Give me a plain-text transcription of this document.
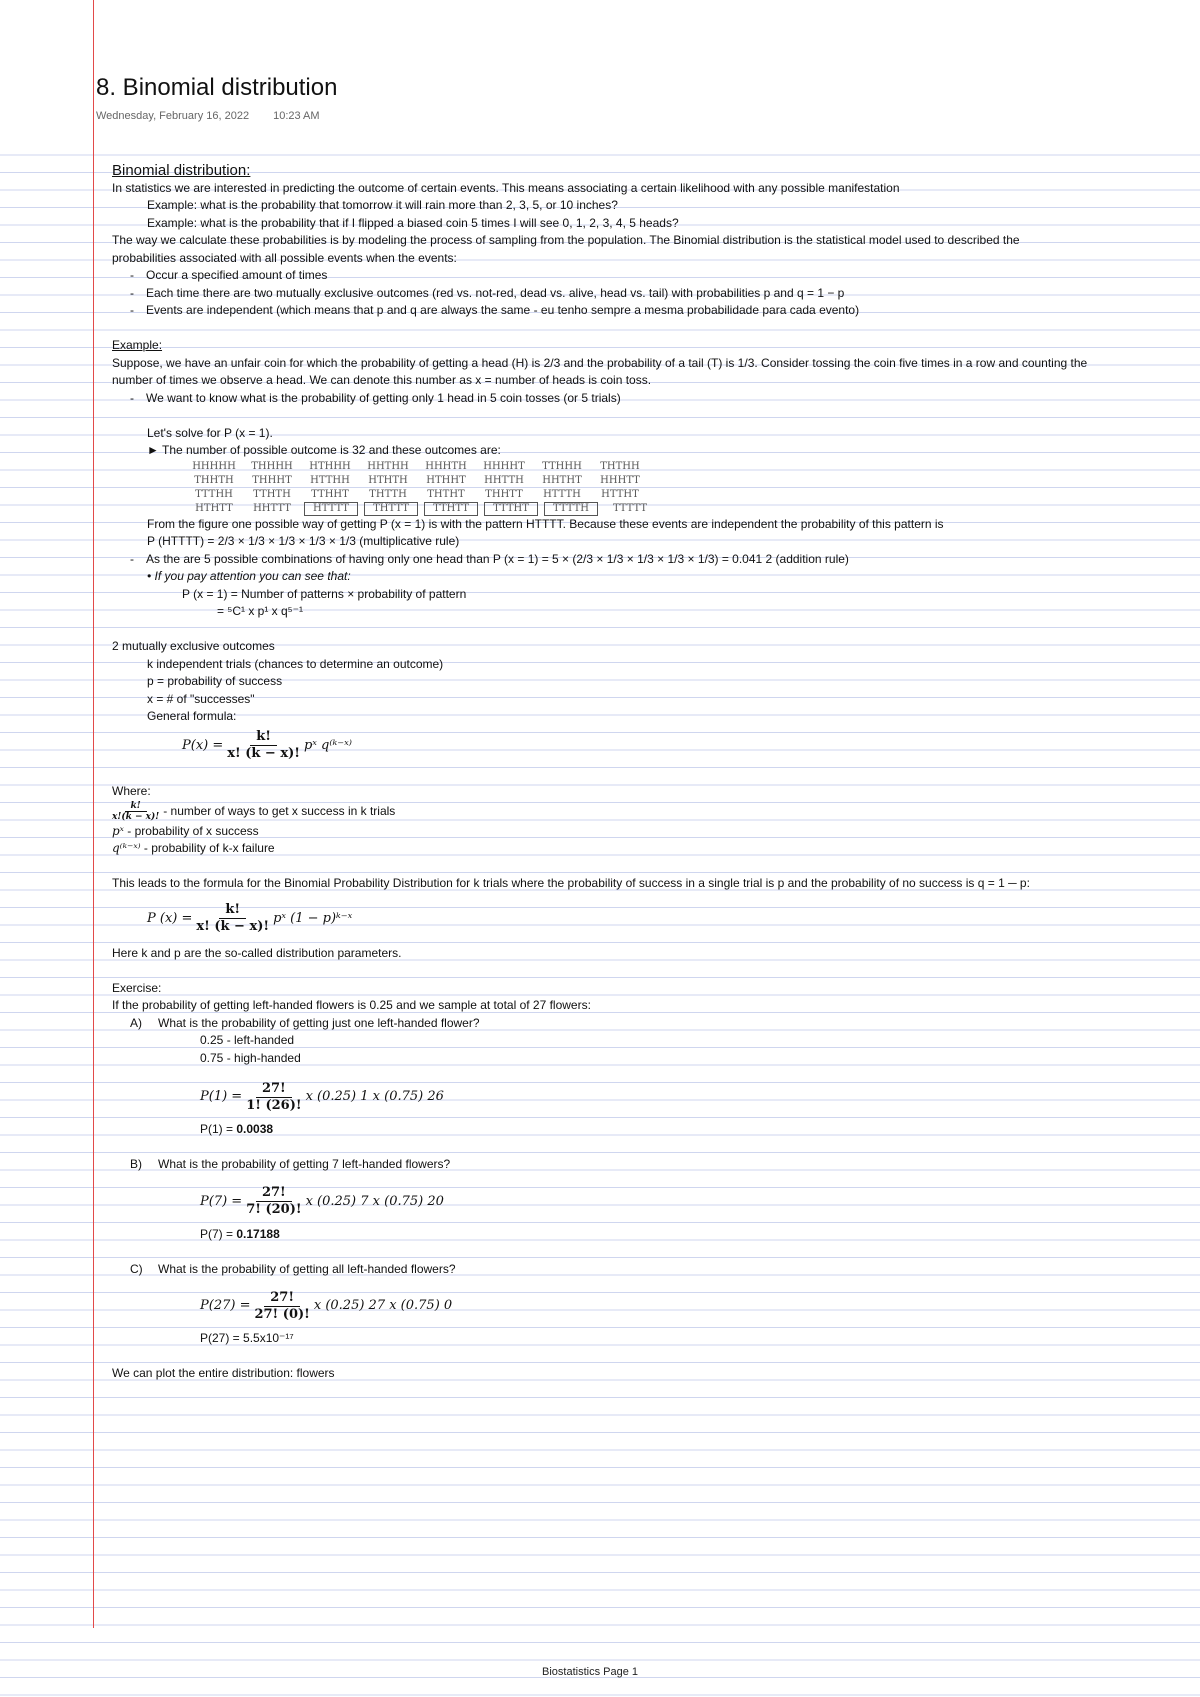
8. Binomial distribution
Wednesday, February 16, 2022 10:23 AM
Binomial distribution:

In statistics we are interested in predicting the outcome of certain events. This means associating a certain likelihood with any possible manifestation

Example: what is the probability that tomorrow it will rain more than 2, 3, 5, or 10 inches?

Example: what is the probability that if I flipped a biased coin 5 times I will see 0, 1, 2, 3, 4, 5 heads?

The way we calculate these probabilities is by modeling the process of sampling from the population. The Binomial distribution is the statistical model used to described the

probabilities associated with all possible events when the events:

- Occur a specified amount of times
- Each time there are two mutually exclusive outcomes (red vs. not-red, dead vs. alive, head vs. tail) with probabilities p and q = 1 − p
- Events are independent (which means that p and q are always the same - eu tenho sempre a mesma probabilidade para cada evento)
Example:

Suppose, we have an unfair coin for which the probability of getting a head (H) is 2/3 and the probability of a tail (T) is 1/3. Consider tossing the coin five times in a row and counting the

number of times we observe a head. We can denote this number as x = number of heads is coin toss.

- We want to know what is the probability of getting only 1 head in 5 coin tosses (or 5 trials)

Let's solve for P (x = 1).

► The number of possible outcome is 32 and these outcomes are:

HHHHH	THHHH	HTHHH	HHTHH	HHHTH	HHHHT	TTHHH	THTHH
THHTH	THHHT	HTTHH	HTHTH	HTHHT	HHTTH	HHTHT	HHHTT
TTTHH	TTHTH	TTHHT	THTTH	THTHT	THHTT	HTTTH	HTTHT
HTHTT	HHTTT	HTTTT	THTTT	TTHTT	TTTHT	TTTTH	TTTTT

From the figure one possible way of getting P (x = 1) is with the pattern HTTTT. Because these events are independent the probability of this pattern is

P (HTTTT) = 2/3 × 1/3 × 1/3 × 1/3 × 1/3 (multiplicative rule)

- As the are 5 possible combinations of having only one head than P (x = 1) = 5 × (2/3 × 1/3 × 1/3 × 1/3 × 1/3) = 0.041 2 (addition rule)

• If you pay attention you can see that:

P (x = 1) = Number of patterns × probability of pattern

= ⁵C¹ x p¹ x q⁵⁻¹

2 mutually exclusive outcomes

k independent trials (chances to determine an outcome)

p = probability of success

x = # of "successes"

General formula:

$P(x) = \frac{k!}{x! (k - x)!}$ pˣ q⁽ᵏ⁻ˣ⁾

Where:

$\frac{k!}{x!(k - x)!}$ - number of ways to get x success in k trials

pˣ - probability of x success

q⁽ᵏ⁻ˣ⁾ - probability of k-x failure

This leads to the formula for the Binomial Probability Distribution for k trials where the probability of success in a single trial is p and the probability of no success is q = 1 ─ p:

P $(x) = \frac{k!}{x! (k - x)!}$ pˣ (1 − p)ᵏ⁻ˣ

Here k and p are the so-called distribution parameters.

Exercise:

If the probability of getting left-handed flowers is 0.25 and we sample at total of 27 flowers:

A) What is the probability of getting just one left-handed flower?

0.25 - left-handed

0.75 - high-handed

$P(1) = \frac{27!}{1! (26)!}$ x (0.25) 1 x (0.75) 26

P(1) = 0.0038

B) What is the probability of getting 7 left-handed flowers?
$P(7) = \frac{27!}{7! (20)!}$ x (0.25) 7 x (0.75) 20

P(7) = 0.17188

C) What is the probability of getting all left-handed flowers?
$P(27) = \frac{27!}{27! (0)!}$ x (0.25) 27 x (0.75) 0

P(27) = 5.5x10⁻¹⁷

We can plot the entire distribution: flowers

Biostatistics Page 1
